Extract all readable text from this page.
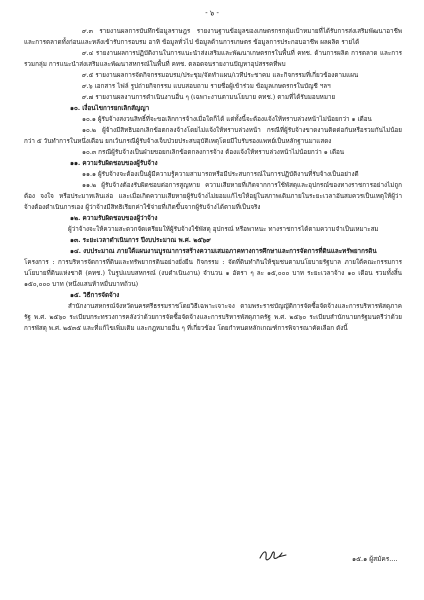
- ๖ -

๙.๓ รายงานผลการบันทึกข้อมูลราษฎร รายงานฐานข้อมูลของเกษตรกรกลุ่มเป้าหมายที่ได้รับการส่งเสริมพัฒนาอาชีพและการตลาดทั้งก่อนและหลังเข้ารับการอบรม อาทิ ข้อมูลทั่วไป ข้อมูลด้านการเกษตร ข้อมูลการประกอบอาชีพ ผลผลิต รายได้

๙.๔ รายงานผลการปฏิบัติงานในการแนะนำส่งเสริมและพัฒนาเกษตรกรในพื้นที่ คทช. ด้านการผลิต การตลาด และการรวมกลุ่ม การแนะนำส่งเสริมและพัฒนาสหกรณ์ในพื้นที่ คทช. ตลอดจนรายงานปัญหาอุปสรรคที่พบ

๙.๕ รายงานผลการจัดกิจกรรมอบรม/ประชุม/จัดทำแผน/เวทีประชาคม และกิจกรรมที่เกี่ยวข้องตามแผน

๙.๖ เอกสาร ไฟล์ รูปถ่ายกิจกรรม แบบสอบถาม รายชื่อผู้เข้าร่วม ข้อมูลเกษตรกรในบัญชี ฯลฯ

๙.๗ รายงานผลงานการดำเนินงานอื่น ๆ (เฉพาะงานตามนโยบาย คทช.) ตามที่ได้รับมอบหมาย

๑๐. เงื่อนไขการยกเลิกสัญญา

๑๐.๑ ผู้รับจ้างสงวนสิทธิ์ที่จะขอเลิกการจ้างเมื่อใดก็ได้ แต่ทั้งนี้จะต้องแจ้งให้ทราบล่วงหน้าไม่น้อยกว่า ๑ เดือน

๑๐.๒ ผู้จ้างมีสิทธิบอกเลิกข้อตกลงจ้างโดยไม่แจ้งให้ทราบล่วงหน้า กรณีที่ผู้รับจ้างขาดงานติดต่อกันหรือรวมกันไม่น้อยกว่า ๕ วันทำการในหนึ่งเดือน ยกเว้นกรณีผู้รับจ้างเจ็บป่วยประสบอุบัติเหตุโดยมีใบรับรองแพทย์เป็นหลักฐานมาแสดง

๑๐.๓ กรณีผู้รับจ้างเป็นฝ่ายขอยกเลิกข้อตกลงการจ้าง ต้องแจ้งให้ทราบล่วงหน้าไม่น้อยกว่า ๑ เดือน

๑๑. ความรับผิดชอบของผู้รับจ้าง

๑๑.๑ ผู้รับจ้างจะต้องเป็นผู้มีความรู้ความสามารถหรือมีประสบการณ์ในการปฏิบัติงานที่รับจ้างเป็นอย่างดี

๑๑.๒ ผู้รับจ้างต้องรับผิดชอบต่อการสูญหาย ความเสียหายที่เกิดจากการใช้พัสดุและอุปกรณ์ของทางราชการอย่างไม่ถูกต้อง จงใจ หรือประมาทเลินเล่อ และเมื่อเกิดความเสียหายผู้รับจ้างไม่ยอมแก้ไขให้อยู่ในสภาพเดิมภายในระยะเวลาอันสมควรเป็นเหตุให้ผู้ว่าจ้างต้องดำเนินการเอง ผู้ว่าจ้างมีสิทธิเรียกค่าใช้จ่ายที่เกิดขึ้นจากผู้รับจ้างได้ตามที่เป็นจริง

๑๒. ความรับผิดชอบของผู้ว่าจ้าง

ผู้ว่าจ้างจะให้ความสะดวกจัดเตรียมให้ผู้รับจ้างใช้พัสดุ อุปกรณ์ หรือพาหนะ ทางราชการได้ตามความจำเป็นเหมาะสม

๑๓. ระยะเวลาดำเนินการ ปีงบประมาณ พ.ศ. ๒๕๖๙

๑๔. งบประมาณ ภายใต้แผนงานบูรณาการสร้างความเสมอภาคทางการศึกษาและการจัดการที่ดินและทรัพยากรดิน

โครงการ : การบริหารจัดการที่ดินและทรัพยากรดินอย่างยั่งยืน กิจกรรม : จัดที่ดินทำกินให้ชุมชนตามนโยบายรัฐบาล ภายใต้คณะกรรมการนโยบายที่ดินแห่งชาติ (คทช.) ในรูปแบบสหกรณ์ (งบดำเนินงาน) จำนวน ๑ อัตรา ๆ ละ ๑๕,๐๐๐ บาท ระยะเวลาจ้าง ๑๐ เดือน รวมทั้งสิ้น ๑๕๐,๐๐๐ บาท (หนึ่งแสนห้าหมื่นบาทถ้วน)

๑๕. วิธีการจัดจ้าง

สำนักงานสหกรณ์จังหวัดนครศรีธรรมราชโดยวิธีเฉพาะเจาะจง ตามพระราชบัญญัติการจัดซื้อจัดจ้างและการบริหารพัสดุภาครัฐ พ.ศ. ๒๕๖๐ ระเบียบกระทรวงการคลังว่าด้วยการจัดซื้อจัดจ้างและการบริหารพัสดุภาครัฐ พ.ศ. ๒๕๖๐ ระเบียบสำนักนายกรัฐมนตรีว่าด้วยการพัสดุ พ.ศ. ๒๕๓๕ และที่แก้ไขเพิ่มเติม และกฎหมายอื่น ๆ ที่เกี่ยวข้อง โดยกำหนดหลักเกณฑ์การพิจารณาคัดเลือก ดังนี้

๑๕.๑ ผู้สมัคร....
